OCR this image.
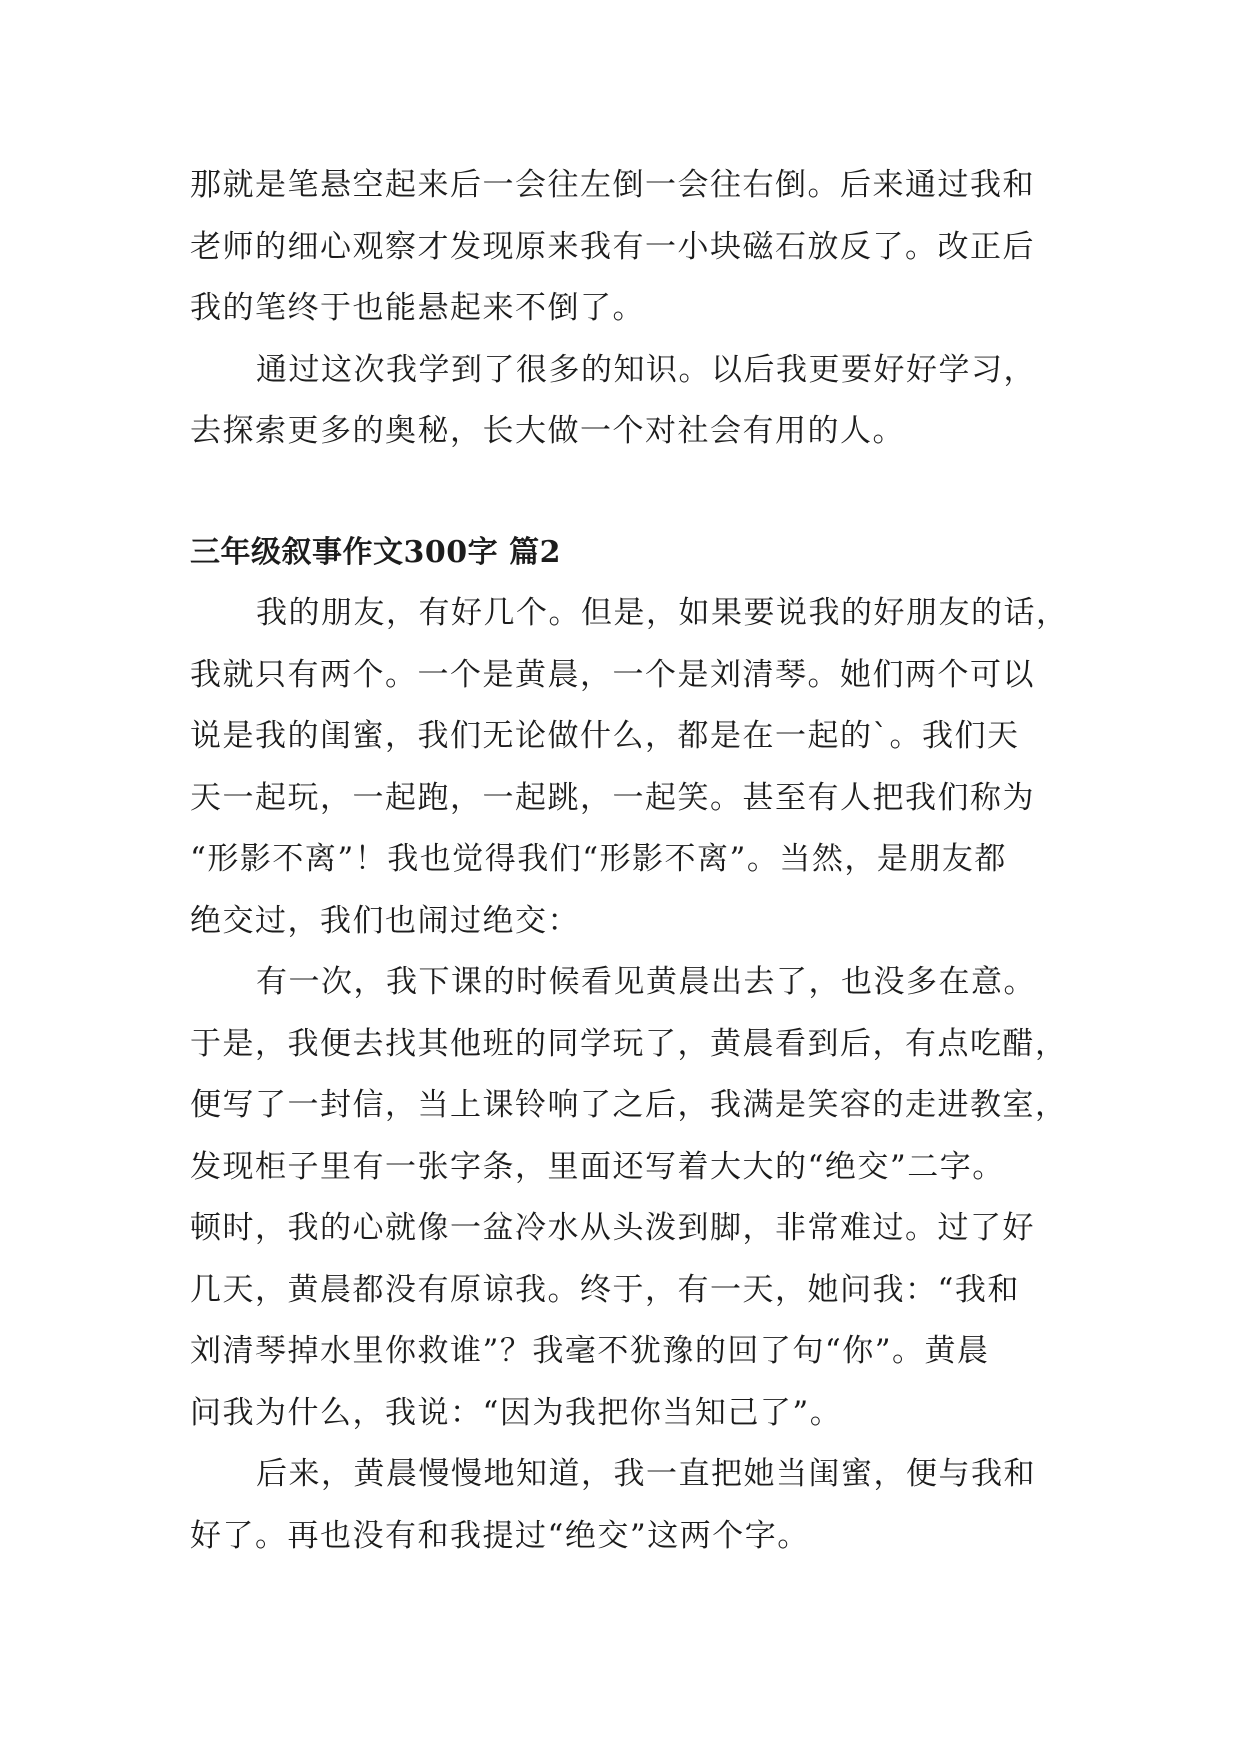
那就是笔悬空起来后一会往左倒一会往右倒。后来通过我和
老师的细心观察才发现原来我有一小块磁石放反了。改正后
我的笔终于也能悬起来不倒了。

通过这次我学到了很多的知识。以后我更要好好学习，
去探索更多的奥秘，长大做一个对社会有用的人。

三年级叙事作文300字 篇2

我的朋友，有好几个。但是，如果要说我的好朋友的话，
我就只有两个。一个是黄晨，一个是刘清琴。她们两个可以
说是我的闺蜜，我们无论做什么，都是在一起的`。我们天
天一起玩，一起跑，一起跳，一起笑。甚至有人把我们称为
“形影不离”！我也觉得我们“形影不离”。当然，是朋友都
绝交过，我们也闹过绝交：

有一次，我下课的时候看见黄晨出去了，也没多在意。
于是，我便去找其他班的同学玩了，黄晨看到后，有点吃醋，
便写了一封信，当上课铃响了之后，我满是笑容的走进教室，
发现柜子里有一张字条，里面还写着大大的“绝交”二字。
顿时，我的心就像一盆冷水从头泼到脚，非常难过。过了好
几天，黄晨都没有原谅我。终于，有一天，她问我：“我和
刘清琴掉水里你救谁”？我毫不犹豫的回了句“你”。黄晨
问我为什么，我说：“因为我把你当知己了”。

后来，黄晨慢慢地知道，我一直把她当闺蜜，便与我和
好了。再也没有和我提过“绝交”这两个字。
